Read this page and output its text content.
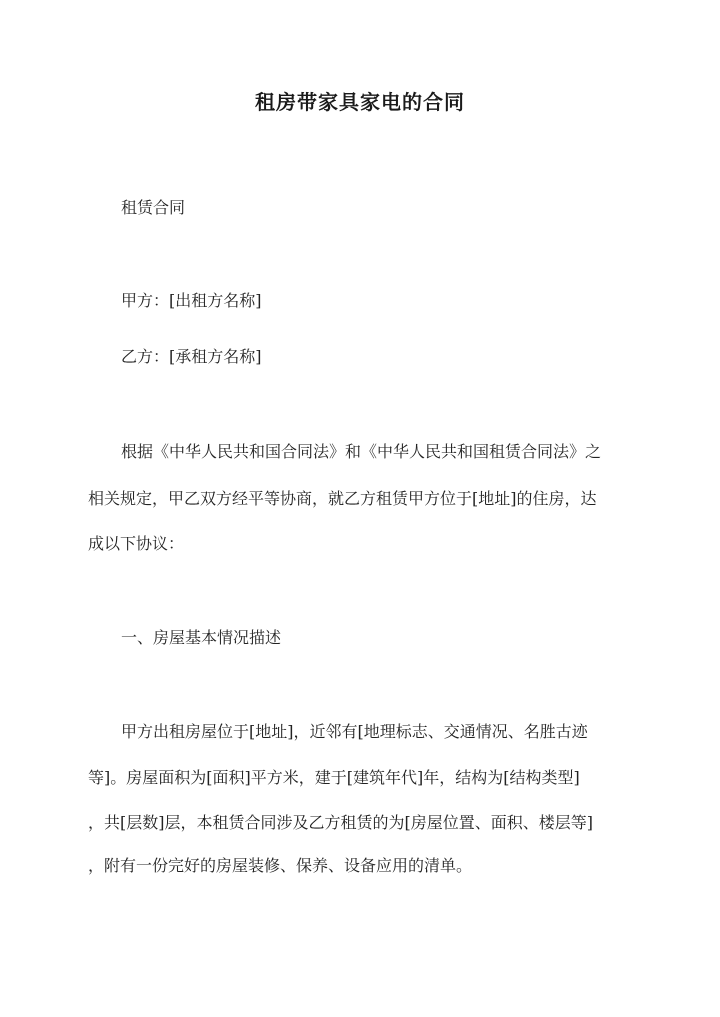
租房带家具家电的合同

租赁合同

甲方：[出租方名称]

乙方：[承租方名称]

根据《中华人民共和国合同法》和《中华人民共和国租赁合同法》之

相关规定，甲乙双方经平等协商，就乙方租赁甲方位于[地址]的住房，达

成以下协议：

一、房屋基本情况描述

甲方出租房屋位于[地址]，近邻有[地理标志、交通情况、名胜古迹

等]。房屋面积为[面积]平方米，建于[建筑年代]年，结构为[结构类型]

，共[层数]层，本租赁合同涉及乙方租赁的为[房屋位置、面积、楼层等]

，附有一份完好的房屋装修、保养、设备应用的清单。
